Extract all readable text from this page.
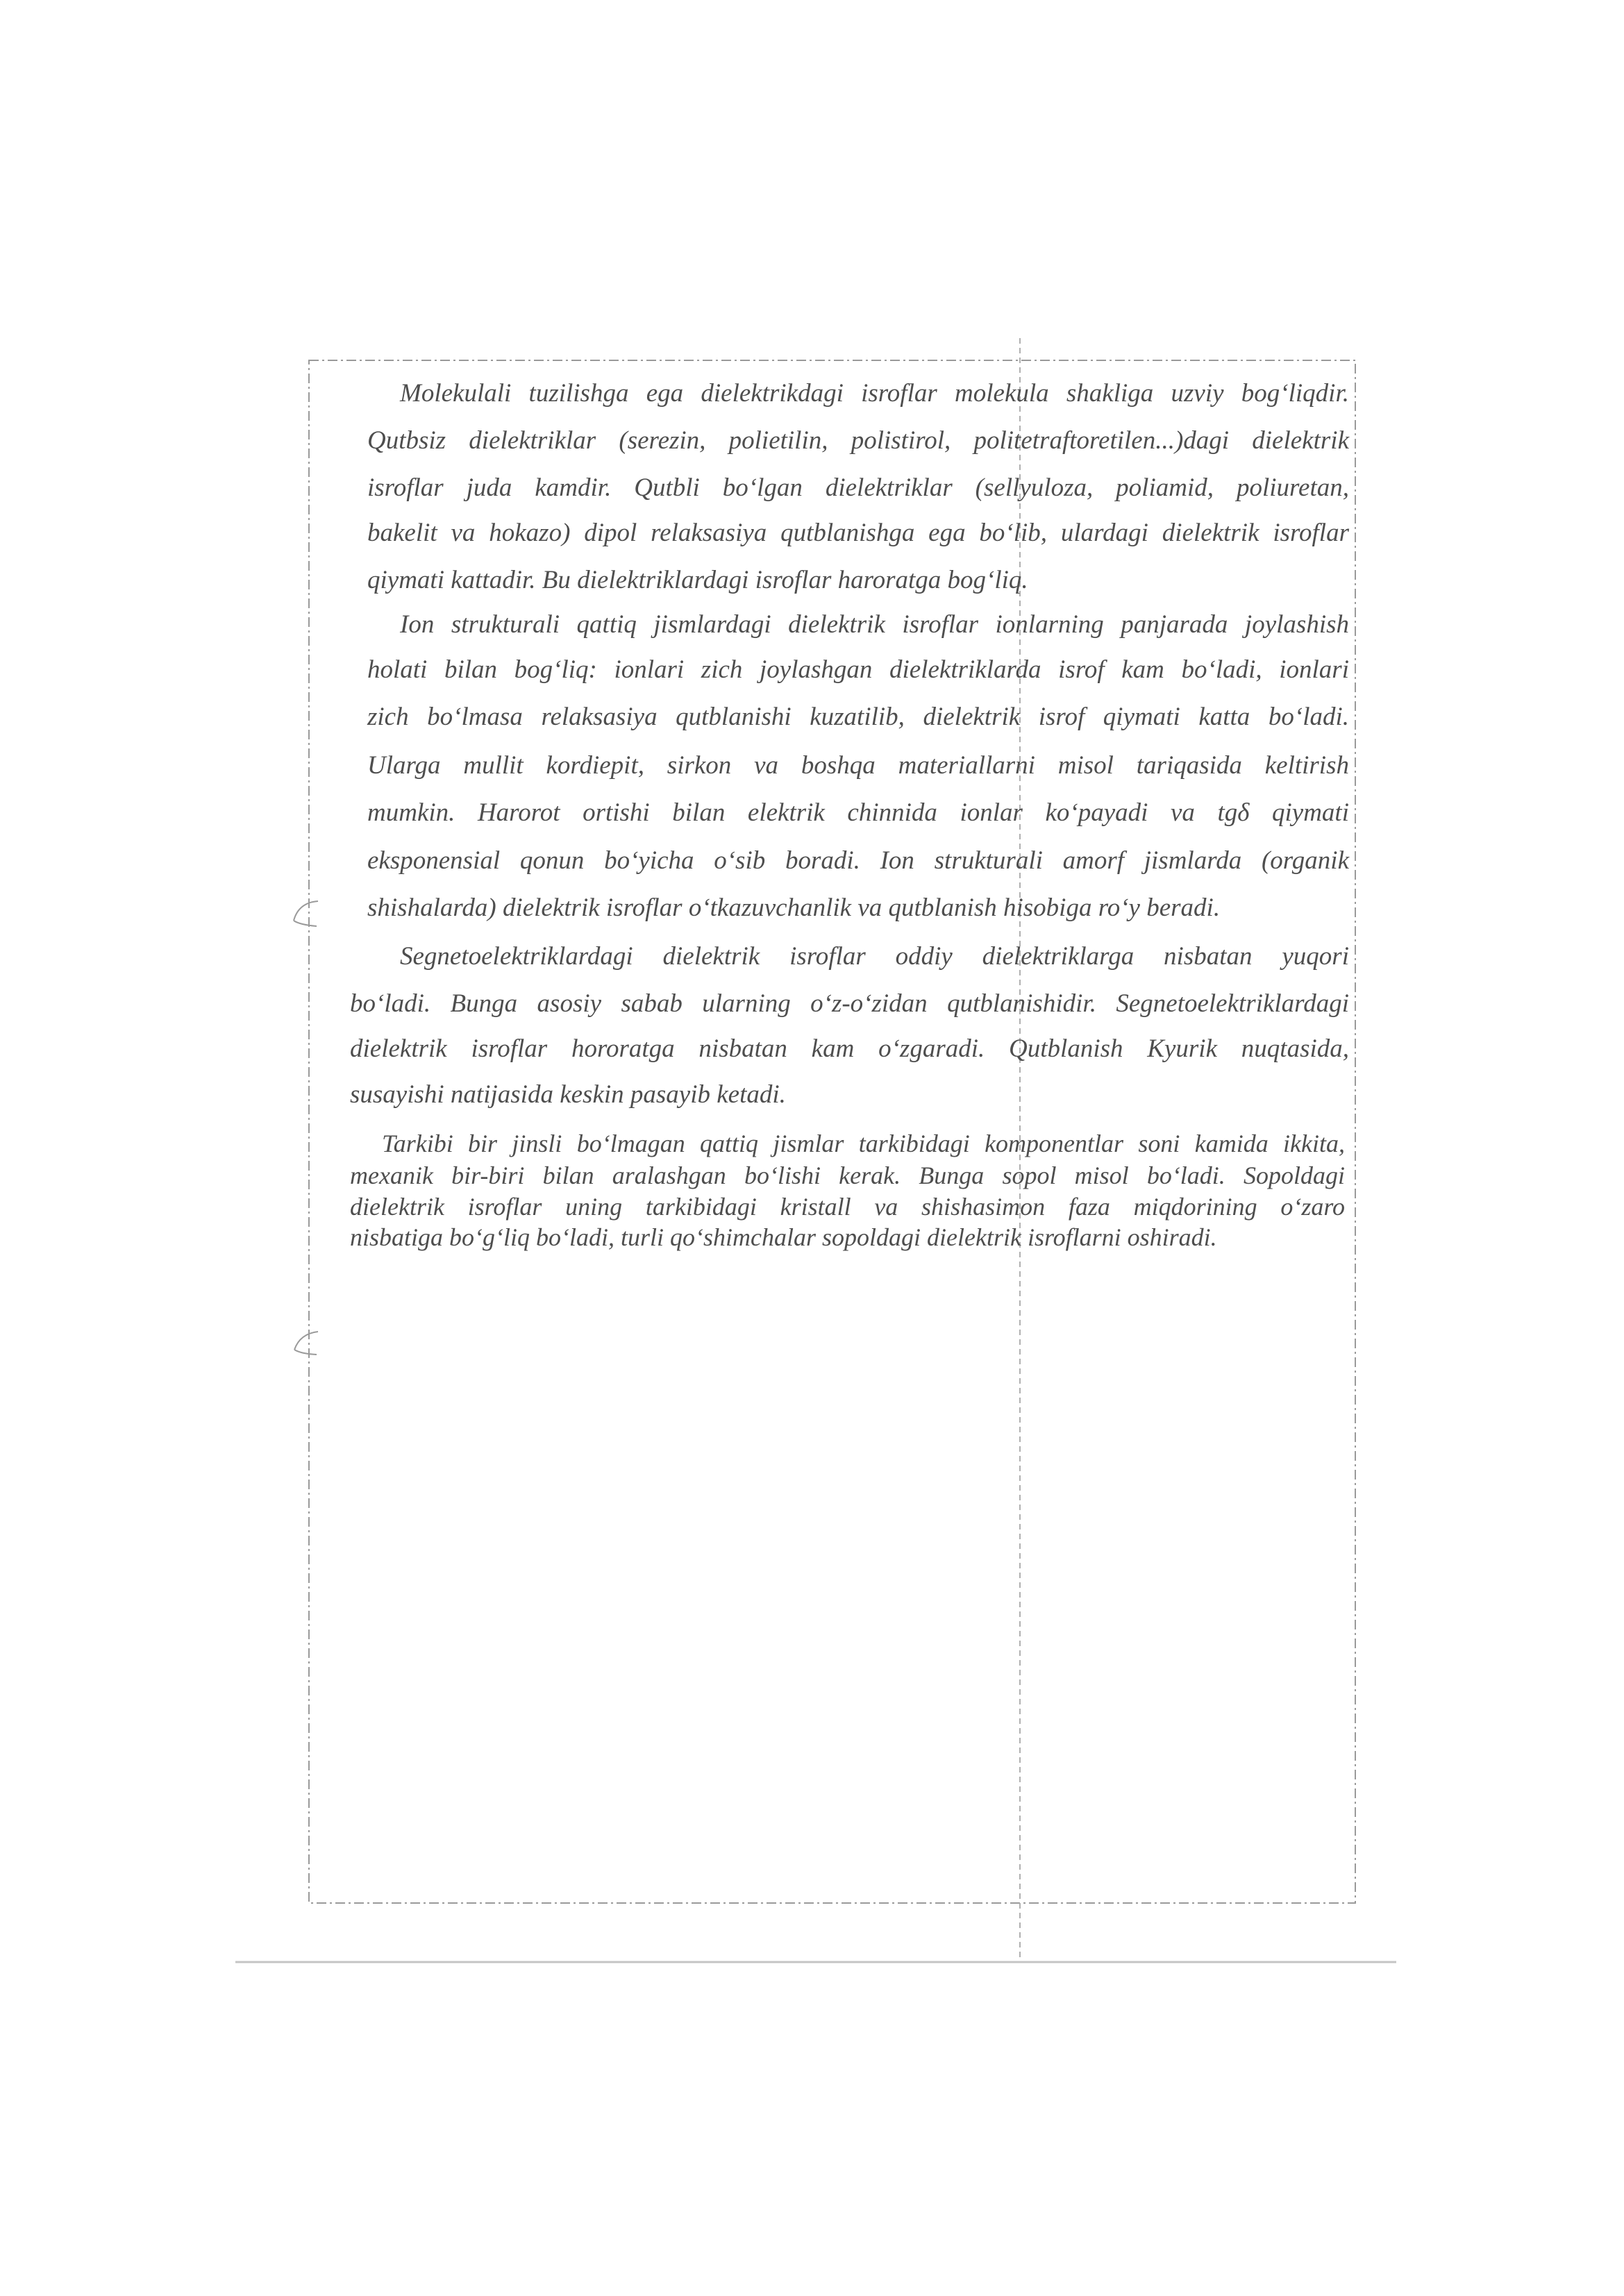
Molekulali tuzilishga ega dielektrikdagi isroflar molekula shakliga uzviy bog‘liqdir.
Qutbsiz dielektriklar (serezin, polietilin, polistirol, politetraftoretilen...)dagi dielektrik
isroflar juda kamdir. Qutbli bo‘lgan dielektriklar (sellyuloza, poliamid, poliuretan,
bakelit va hokazo) dipol relaksasiya qutblanishga ega bo‘lib, ulardagi dielektrik isroflar
qiymati kattadir. Bu dielektriklardagi isroflar haroratga bog‘liq.
Ion strukturali qattiq jismlardagi dielektrik isroflar ionlarning panjarada joylashish
holati bilan bog‘liq: ionlari zich joylashgan dielektriklarda isrof kam bo‘ladi, ionlari
zich bo‘lmasa relaksasiya qutblanishi kuzatilib, dielektrik isrof qiymati katta bo‘ladi.
Ularga mullit kordiepit, sirkon va boshqa materiallarni misol tariqasida keltirish
mumkin. Harorot ortishi bilan elektrik chinnida ionlar ko‘payadi va tgδ qiymati
eksponensial qonun bo‘yicha o‘sib boradi. Ion strukturali amorf jismlarda (organik
shishalarda) dielektrik isroflar o‘tkazuvchanlik va qutblanish hisobiga ro‘y beradi.
Segnetoelektriklardagi dielektrik isroflar oddiy dielektriklarga nisbatan yuqori
bo‘ladi. Bunga asosiy sabab ularning o‘z-o‘zidan qutblanishidir. Segnetoelektriklardagi
dielektrik isroflar hororatga nisbatan kam o‘zgaradi. Qutblanish Kyurik nuqtasida,
susayishi natijasida keskin pasayib ketadi.
Tarkibi bir jinsli bo‘lmagan qattiq jismlar tarkibidagi komponentlar soni kamida ikkita,
mexanik bir-biri bilan aralashgan bo‘lishi kerak. Bunga sopol misol bo‘ladi. Sopoldagi
dielektrik isroflar uning tarkibidagi kristall va shishasimon faza miqdorining o‘zaro
nisbatiga bo‘g‘liq bo‘ladi, turli qo‘shimchalar sopoldagi dielektrik isroflarni oshiradi.
